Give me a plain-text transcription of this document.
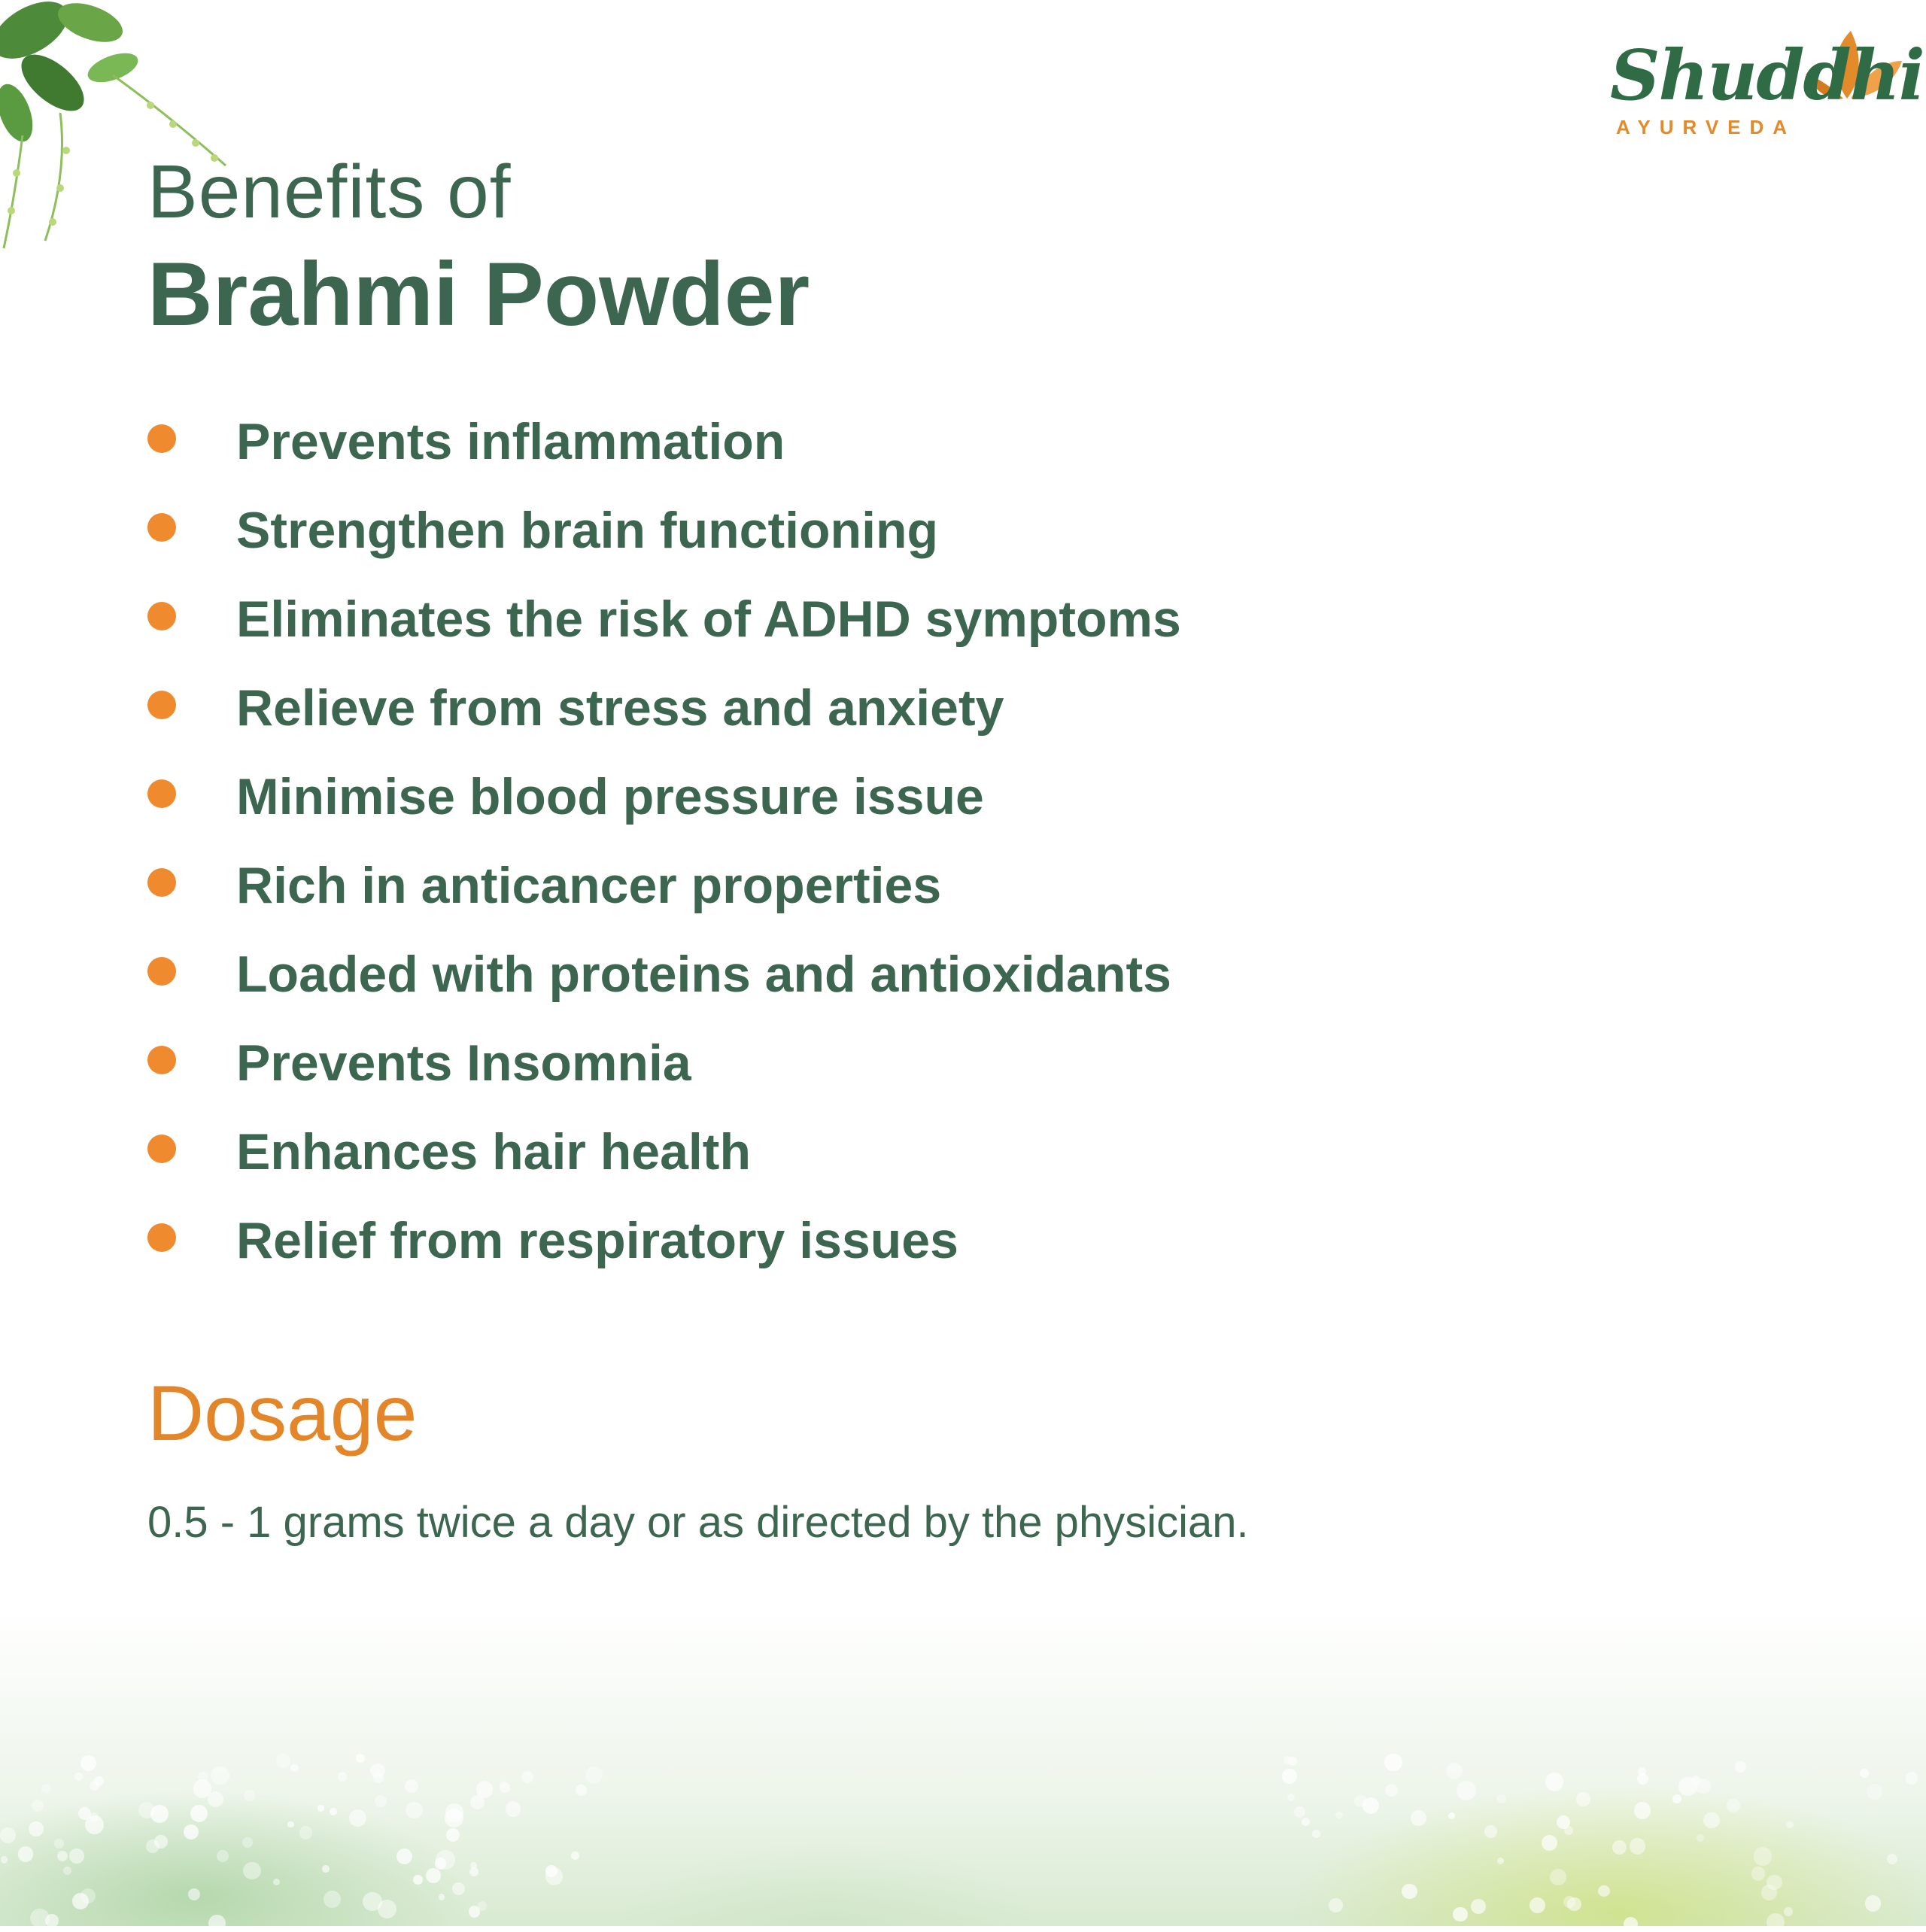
Shuddhi
AYURVEDA
Benefits of
Brahmi Powder
Prevents inflammation
Strengthen brain functioning
Eliminates the risk of ADHD symptoms
Relieve from stress and anxiety
Minimise blood pressure issue
Rich in anticancer properties
Loaded with proteins and antioxidants
Prevents Insomnia
Enhances hair health
Relief from respiratory issues
Dosage

0.5 - 1 grams twice a day or as directed by the physician.
